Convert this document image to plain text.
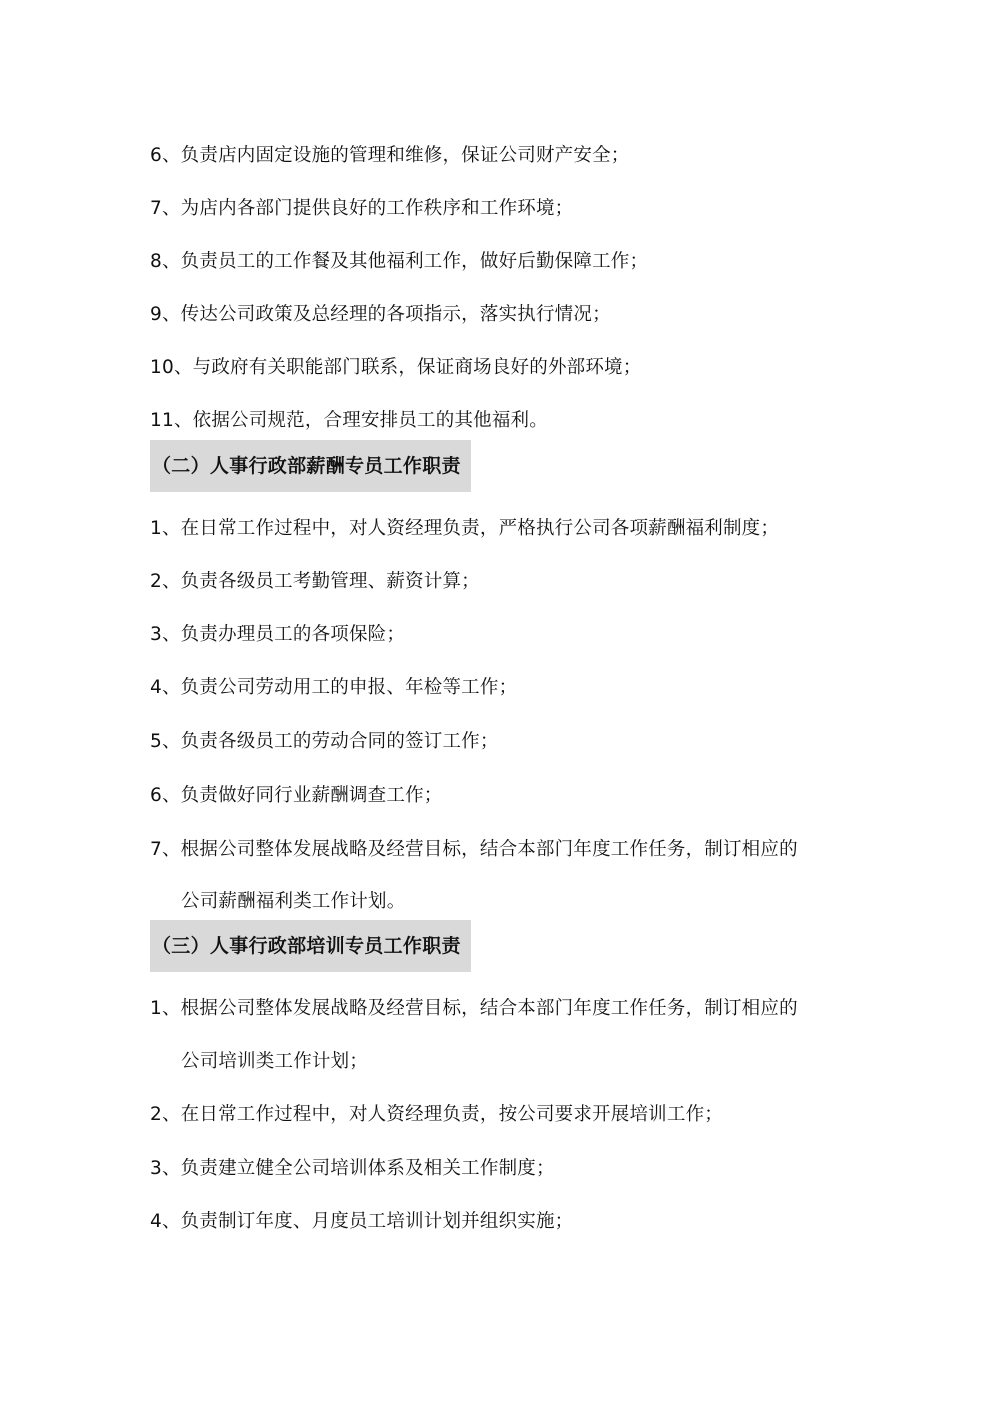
6、负责店内固定设施的管理和维修，保证公司财产安全；
7、为店内各部门提供良好的工作秩序和工作环境；
8、负责员工的工作餐及其他福利工作，做好后勤保障工作；
9、传达公司政策及总经理的各项指示，落实执行情况；
10、与政府有关职能部门联系，保证商场良好的外部环境；
11、依据公司规范，合理安排员工的其他福利。
（二）人事行政部薪酬专员工作职责
1、在日常工作过程中，对人资经理负责，严格执行公司各项薪酬福利制度；
2、负责各级员工考勤管理、薪资计算；
3、负责办理员工的各项保险；
4、负责公司劳动用工的申报、年检等工作；
5、负责各级员工的劳动合同的签订工作；
6、负责做好同行业薪酬调查工作；
7、根据公司整体发展战略及经营目标，结合本部门年度工作任务，制订相应的
公司薪酬福利类工作计划。
（三）人事行政部培训专员工作职责
1、根据公司整体发展战略及经营目标，结合本部门年度工作任务，制订相应的
公司培训类工作计划；
2、在日常工作过程中，对人资经理负责，按公司要求开展培训工作；
3、负责建立健全公司培训体系及相关工作制度；
4、负责制订年度、月度员工培训计划并组织实施；
